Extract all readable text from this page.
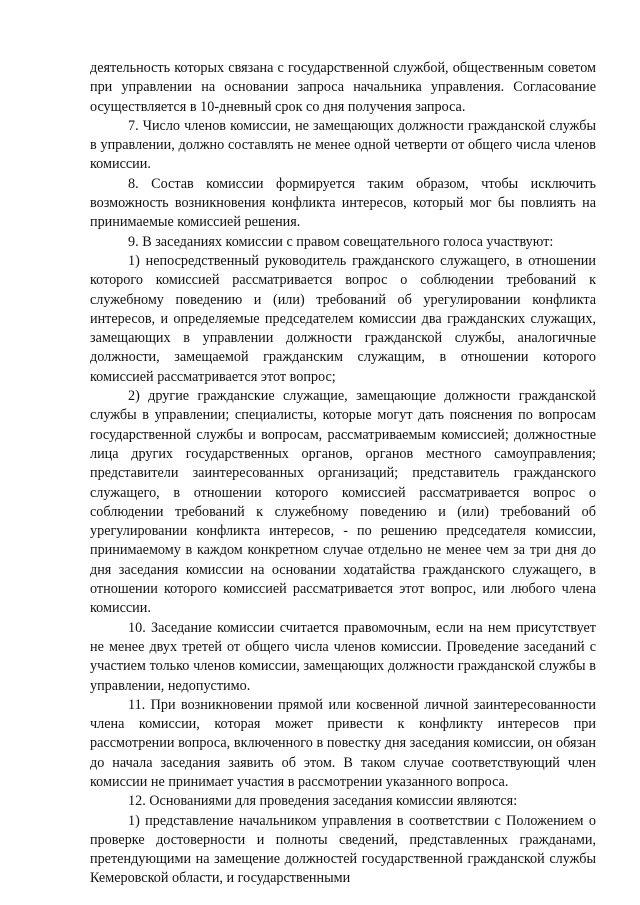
деятельность которых связана с государственной службой, общественным советом при управлении на основании запроса начальника управления. Согласование осуществляется в 10-дневный срок со дня получения запроса.

7. Число членов комиссии, не замещающих должности гражданской службы в управлении, должно составлять не менее одной четверти от общего числа членов комиссии.

8. Состав комиссии формируется таким образом, чтобы исключить возможность возникновения конфликта интересов, который мог бы повлиять на принимаемые комиссией решения.

9. В заседаниях комиссии с правом совещательного голоса участвуют:

1) непосредственный руководитель гражданского служащего, в отношении которого комиссией рассматривается вопрос о соблюдении требований к служебному поведению и (или) требований об урегулировании конфликта интересов, и определяемые председателем комиссии два гражданских служащих, замещающих в управлении должности гражданской службы, аналогичные должности, замещаемой гражданским служащим, в отношении которого комиссией рассматривается этот вопрос;

2) другие гражданские служащие, замещающие должности гражданской службы в управлении; специалисты, которые могут дать пояснения по вопросам государственной службы и вопросам, рассматриваемым комиссией; должностные лица других государственных органов, органов местного самоуправления; представители заинтересованных организаций; представитель гражданского служащего, в отношении которого комиссией рассматривается вопрос о соблюдении требований к служебному поведению и (или) требований об урегулировании конфликта интересов, - по решению председателя комиссии, принимаемому в каждом конкретном случае отдельно не менее чем за три дня до дня заседания комиссии на основании ходатайства гражданского служащего, в отношении которого комиссией рассматривается этот вопрос, или любого члена комиссии.

10. Заседание комиссии считается правомочным, если на нем присутствует не менее двух третей от общего числа членов комиссии. Проведение заседаний с участием только членов комиссии, замещающих должности гражданской службы в управлении, недопустимо.

11. При возникновении прямой или косвенной личной заинтересованности члена комиссии, которая может привести к конфликту интересов при рассмотрении вопроса, включенного в повестку дня заседания комиссии, он обязан до начала заседания заявить об этом. В таком случае соответствующий член комиссии не принимает участия в рассмотрении указанного вопроса.

12. Основаниями для проведения заседания комиссии являются:

1) представление начальником управления в соответствии с Положением о проверке достоверности и полноты сведений, представленных гражданами, претендующими на замещение должностей государственной гражданской службы Кемеровской области, и государственными
